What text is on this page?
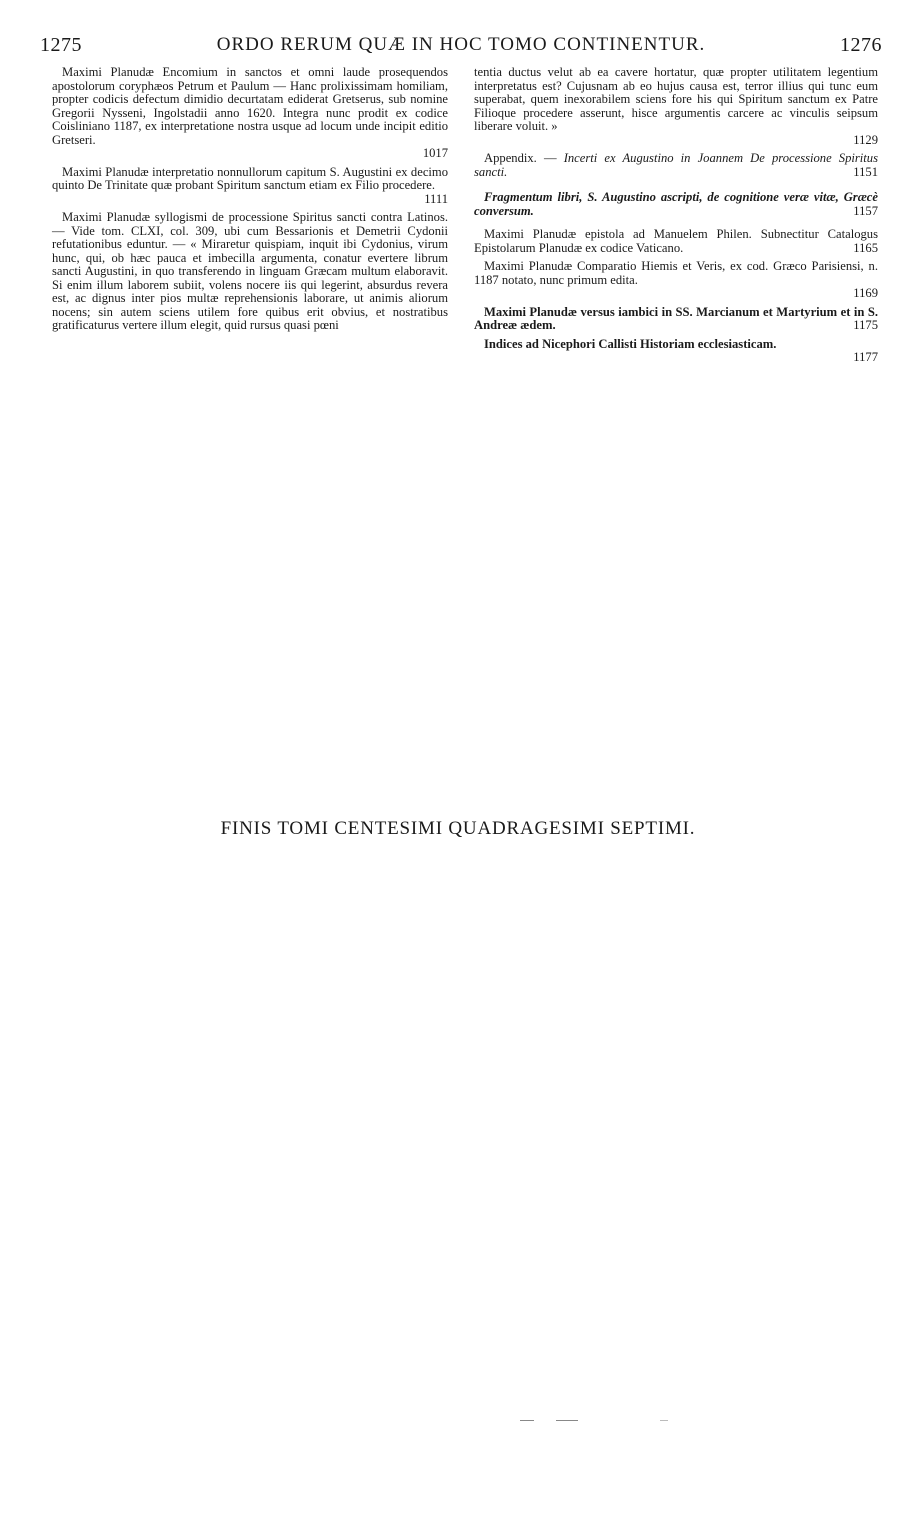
1275	ORDO RERUM QUÆ IN HOC TOMO CONTINENTUR.	1276
Maximi Planudæ Encomium in sanctos et omni laude prosequendos apostolorum coryphæos Petrum et Paulum — Hanc prolixissimam homiliam, propter codicis defectum dimidio decurtatam ediderat Gretserus, sub nomine Gregorii Nysseni, Ingolstadii anno 1620. Integra nunc prodit ex codice Coisliniano 1187, ex interpretatione nostra usque ad locum unde incipit editio Gretseri.
1017
Maximi Planudæ interpretatio nonnullorum capitum S. Augustini ex decimo quinto De Trinitate quæ probant Spiritum sanctum etiam ex Filio procedere.
1111
Maximi Planudæ syllogismi de processione Spiritus sancti contra Latinos. — Vide tom. CLXI, col. 309, ubi cum Bessarionis et Demetrii Cydonii refutationibus eduntur. — « Miraretur quispiam, inquit ibi Cydonius, virum hunc, qui, ob hæc pauca et imbecilla argumenta, conatur evertere librum sancti Augustini, in quo transferendo in linguam Græcam multum elaboravit. Si enim illum laborem subiit, volens nocere iis qui legerint, absurdus revera est, ac dignus inter pios multæ reprehensionis laborare, ut animis aliorum nocens; sin autem sciens utilem fore quibus erit obvius, et nostratibus gratificaturus vertere illum elegit, quid rursus quasi pœni
tentia ductus velut ab ea cavere hortatur, quæ propter utilitatem legentium interpretatus est? Cujusnam ab eo hujus causa est, terror illius qui tunc eum superabat, quem inexorabilem sciens fore his qui Spiritum sanctum ex Patre Filioque procedere asserunt, hisce argumentis carcere ac vinculis seipsum liberare voluit. »
1129
Appendix. — Incerti ex Augustino in Joannem De processione Spiritus sancti.	1151
Fragmentum libri, S. Augustino ascripti, de cognitione veræ vitæ, Græcè conversum.	1157
Maximi Planudæ epistola ad Manuelem Philen. Subnectitur Catalogus Epistolarum Planudæ ex codice Vaticano.	1165
Maximi Planudæ Comparatio Hiemis et Veris, ex cod. Græco Parisiensi, n. 1187 notato, nunc primum edita.
1169
Maximi Planudæ versus iambici in SS. Marcianum et Martyrium et in S. Andreæ ædem.	1175
Indices ad Nicephori Callisti Historiam ecclesiasticam.
1177
FINIS TOMI CENTESIMI QUADRAGESIMI SEPTIMI.
